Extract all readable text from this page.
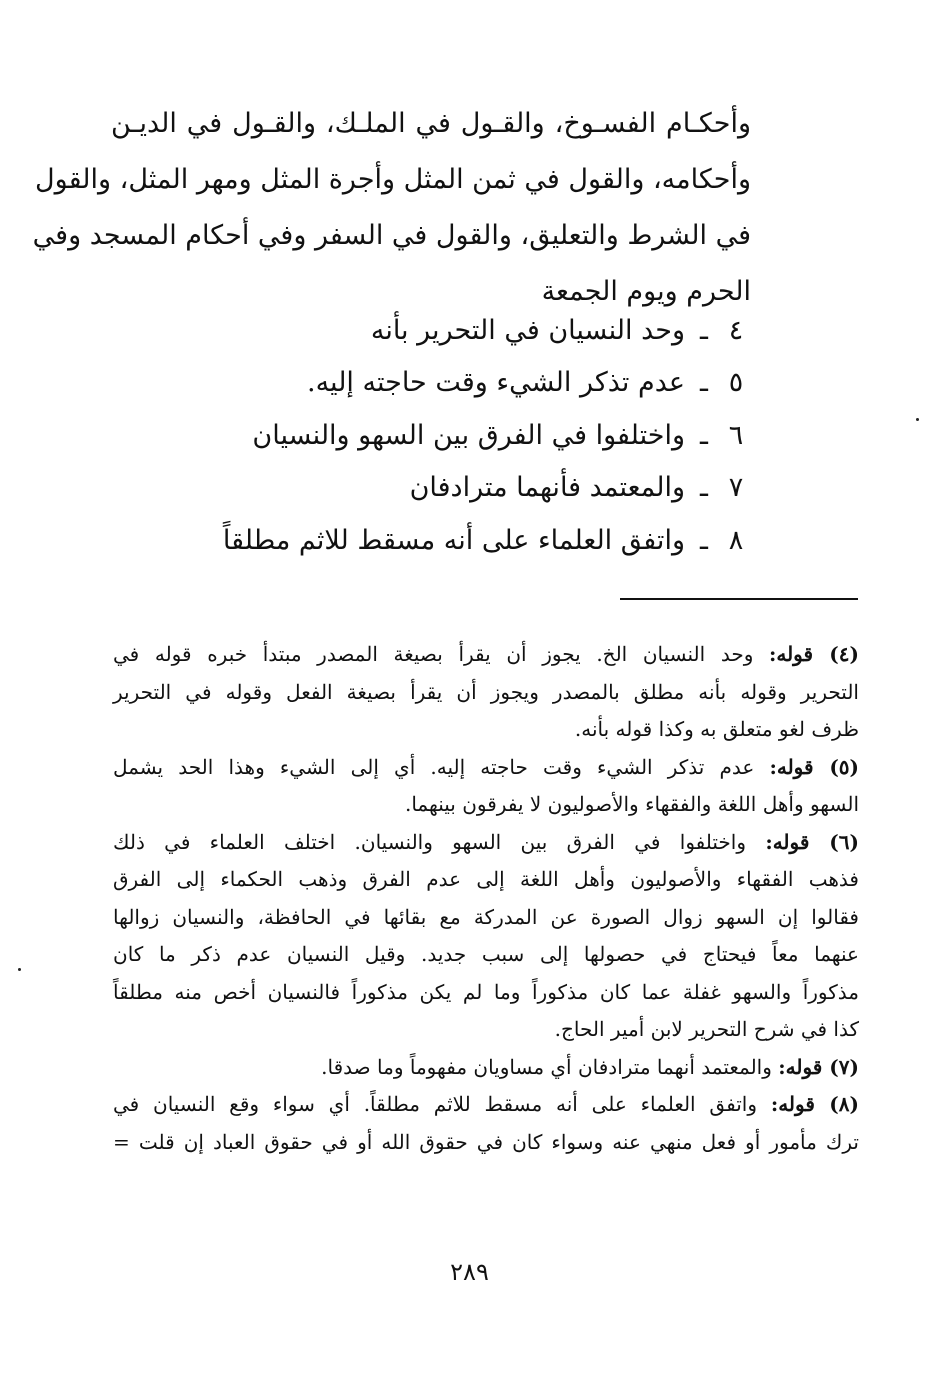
وأحكـام الفسـوخ، والقـول في الملـك، والقـول في الديـن
وأحكامه، والقول في ثمن المثل وأجرة المثل ومهر المثل، والقول
في الشرط والتعليق، والقول في السفر وفي أحكام المسجد وفي
الحرم ويوم الجمعة
٤
ـ
وحد النسيان في التحرير بأنه
٥
ـ
عدم تذكر الشيء وقت حاجته إليه.
٦
ـ
واختلفوا في الفرق بين السهو والنسيان
٧
ـ
والمعتمد فأنهما مترادفان
٨
ـ
واتفق العلماء على أنه مسقط للاثم مطلقاً
(٤) قوله: وحد النسيان الخ. يجوز أن يقرأ بصيغة المصدر مبتدأ خبره قوله في
التحرير وقوله بأنه مطلق بالمصدر ويجوز أن يقرأ بصيغة الفعل وقوله في التحرير
ظرف لغو متعلق به وكذا قوله بأنه.
(٥) قوله: عدم تذكر الشيء وقت حاجته إليه. أي إلى الشيء وهذا الحد يشمل
السهو وأهل اللغة والفقهاء والأصوليون لا يفرقون بينهما.
(٦) قوله: واختلفوا في الفرق بين السهو والنسيان. اختلف العلماء في ذلك
فذهب الفقهاء والأصوليون وأهل اللغة إلى عدم الفرق وذهب الحكماء إلى الفرق
فقالوا إن السهو زوال الصورة عن المدركة مع بقائها في الحافظة، والنسيان زوالها
عنهما معاً فيحتاج في حصولها إلى سبب جديد. وقيل النسيان عدم ذكر ما كان
مذكوراً والسهو غفلة عما كان مذكوراً وما لم يكن مذكوراً فالنسيان أخص منه مطلقاً
كذا في شرح التحرير لابن أمير الحاج.
(٧) قوله: والمعتمد أنهما مترادفان أي مساويان مفهوماً وما صدقا.
(٨) قوله: واتفق العلماء على أنه مسقط للاثم مطلقاً. أي سواء وقع النسيان في
ترك مأمور أو فعل منهي عنه وسواء كان في حقوق الله أو في حقوق العباد إن قلت =
٢٨٩
